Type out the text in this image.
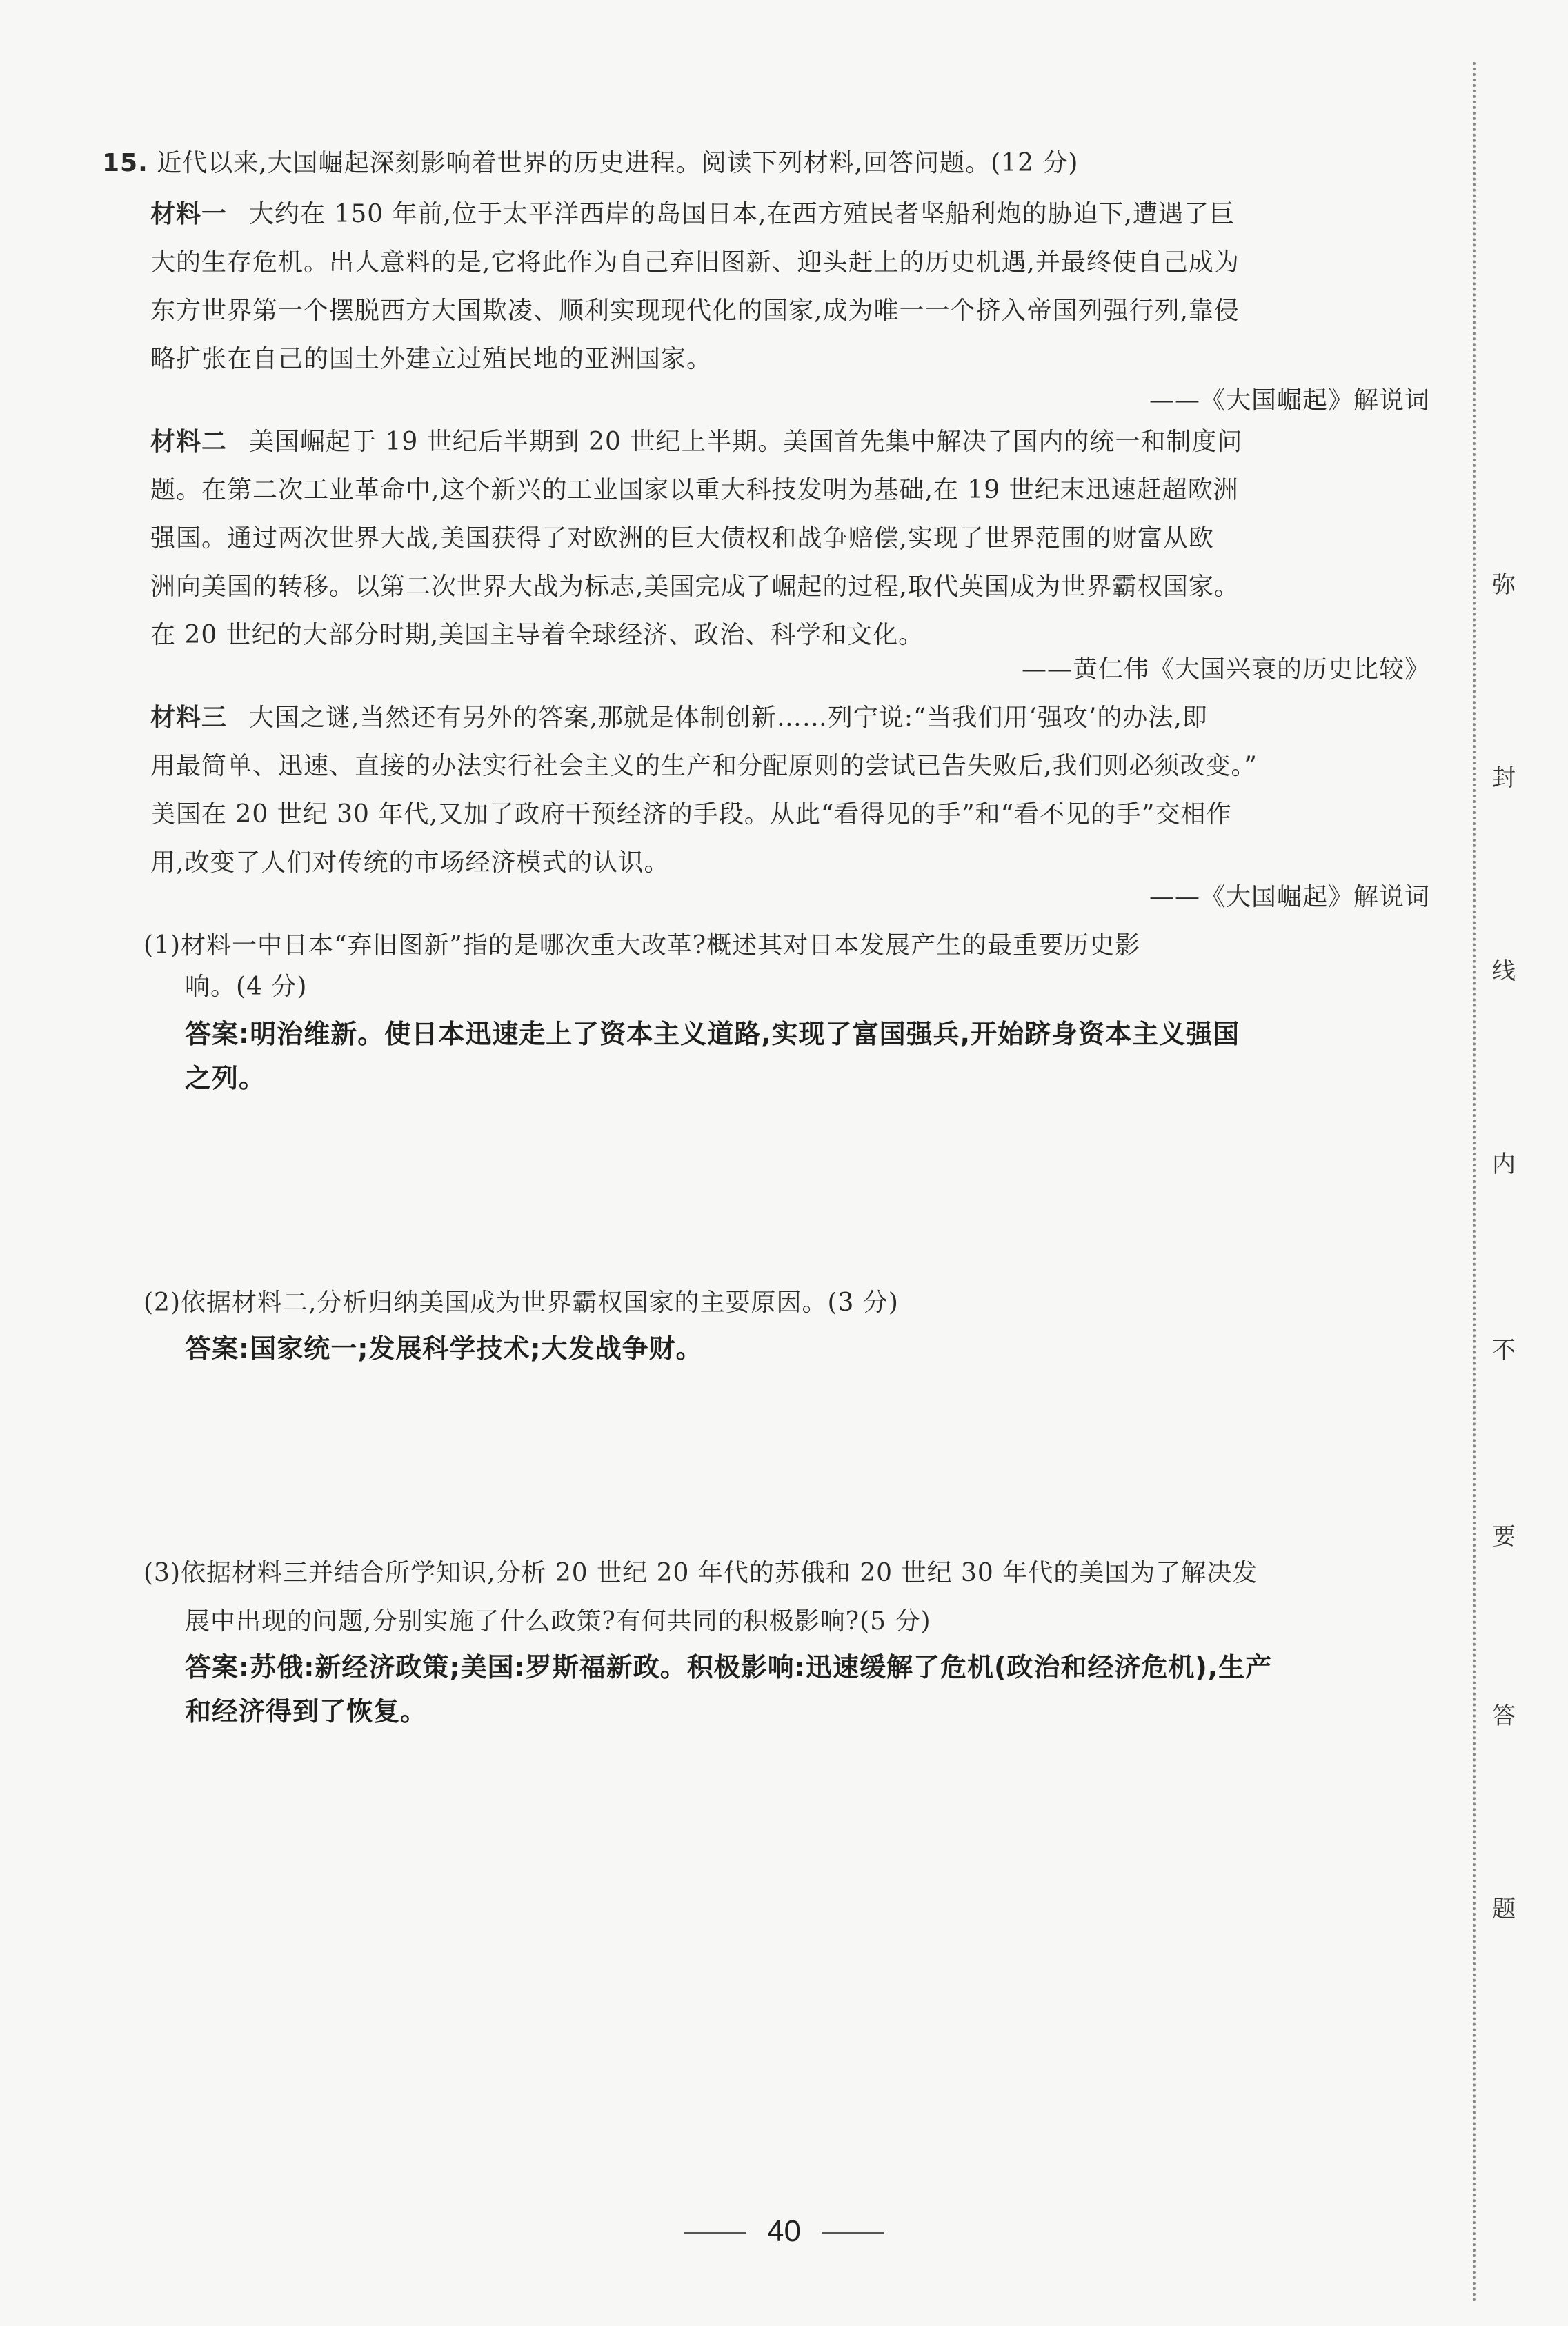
15. 近代以来,大国崛起深刻影响着世界的历史进程。阅读下列材料,回答问题。(12 分)
材料一 大约在 150 年前,位于太平洋西岸的岛国日本,在西方殖民者坚船利炮的胁迫下,遭遇了巨
大的生存危机。出人意料的是,它将此作为自己弃旧图新、迎头赶上的历史机遇,并最终使自己成为
东方世界第一个摆脱西方大国欺凌、顺利实现现代化的国家,成为唯一一个挤入帝国列强行列,靠侵
略扩张在自己的国土外建立过殖民地的亚洲国家。
——《大国崛起》解说词
材料二 美国崛起于 19 世纪后半期到 20 世纪上半期。美国首先集中解决了国内的统一和制度问
题。在第二次工业革命中,这个新兴的工业国家以重大科技发明为基础,在 19 世纪末迅速赶超欧洲
强国。通过两次世界大战,美国获得了对欧洲的巨大债权和战争赔偿,实现了世界范围的财富从欧
洲向美国的转移。以第二次世界大战为标志,美国完成了崛起的过程,取代英国成为世界霸权国家。
在 20 世纪的大部分时期,美国主导着全球经济、政治、科学和文化。
——黄仁伟《大国兴衰的历史比较》
材料三 大国之谜,当然还有另外的答案,那就是体制创新……列宁说:“当我们用‘强攻’的办法,即
用最简单、迅速、直接的办法实行社会主义的生产和分配原则的尝试已告失败后,我们则必须改变。”
美国在 20 世纪 30 年代,又加了政府干预经济的手段。从此“看得见的手”和“看不见的手”交相作
用,改变了人们对传统的市场经济模式的认识。
——《大国崛起》解说词
(1)材料一中日本“弃旧图新”指的是哪次重大改革?概述其对日本发展产生的最重要历史影
响。(4 分)
答案:明治维新。使日本迅速走上了资本主义道路,实现了富国强兵,开始跻身资本主义强国
之列。
(2)依据材料二,分析归纳美国成为世界霸权国家的主要原因。(3 分)
答案:国家统一;发展科学技术;大发战争财。
(3)依据材料三并结合所学知识,分析 20 世纪 20 年代的苏俄和 20 世纪 30 年代的美国为了解决发
展中出现的问题,分别实施了什么政策?有何共同的积极影响?(5 分)
答案:苏俄:新经济政策;美国:罗斯福新政。积极影响:迅速缓解了危机(政治和经济危机),生产
和经济得到了恢复。
弥
封
线
内
不
要
答
题
40
